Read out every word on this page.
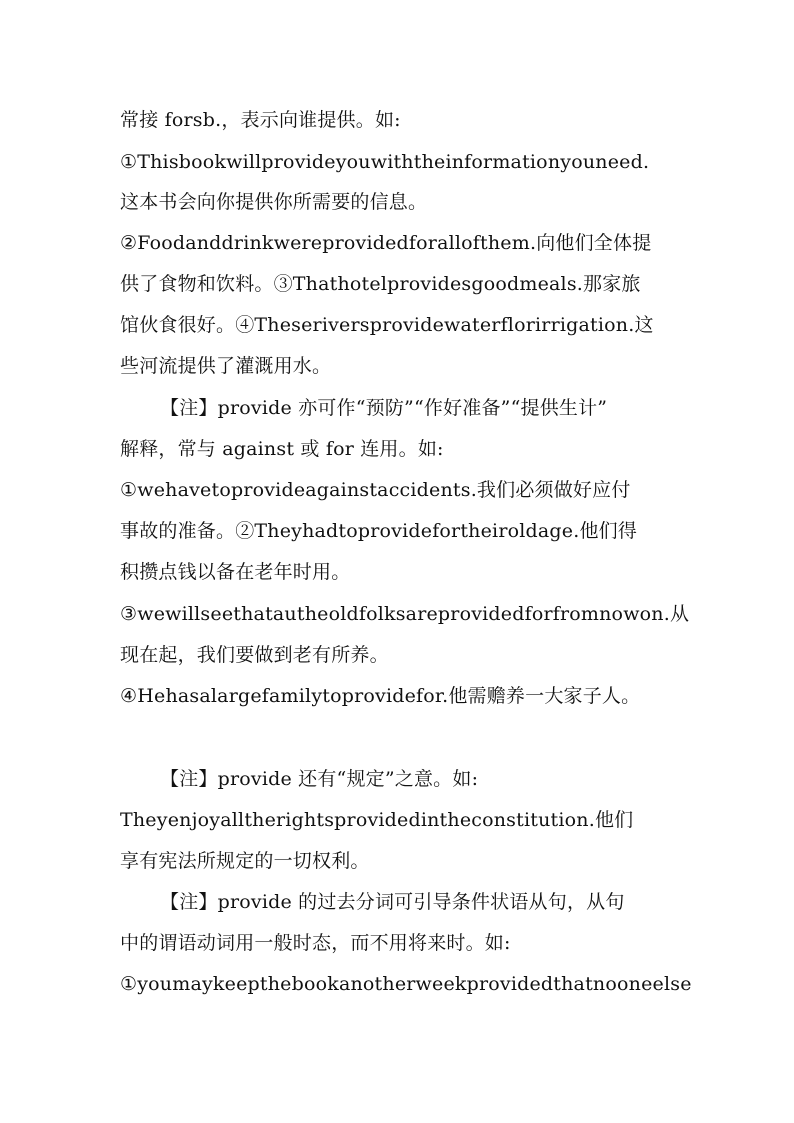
常接 forsb.，表示向谁提供。如:
①Thisbookwillprovideyouwiththeinformationyouneed.
这本书会向你提供你所需要的信息。
②Foodanddrinkwereprovidedforallofthem.向他们全体提
供了食物和饮料。③Thathotelprovidesgoodmeals.那家旅
馆伙食很好。④Theseriversprovidewaterflorirrigation.这
些河流提供了灌溉用水。
【注】provide 亦可作“预防”“作好准备”“提供生计”
解释，常与 against 或 for 连用。如:
①wehavetoprovideagainstaccidents.我们必须做好应付
事故的准备。②Theyhadtoprovidefortheiroldage.他们得
积攒点钱以备在老年时用。
③wewillseethatautheoldfolksareprovidedforfromnowon.从
现在起，我们要做到老有所养。
④Hehasalargefamilytoprovidefor.他需赡养一大家子人。
【注】provide 还有“规定”之意。如:
Theyenjoyalltherightsprovidedintheconstitution.他们
享有宪法所规定的一切权利。
【注】provide 的过去分词可引导条件状语从句，从句
中的谓语动词用一般时态，而不用将来时。如:
①youmaykeepthebookanotherweekprovidedthatnooneelse
